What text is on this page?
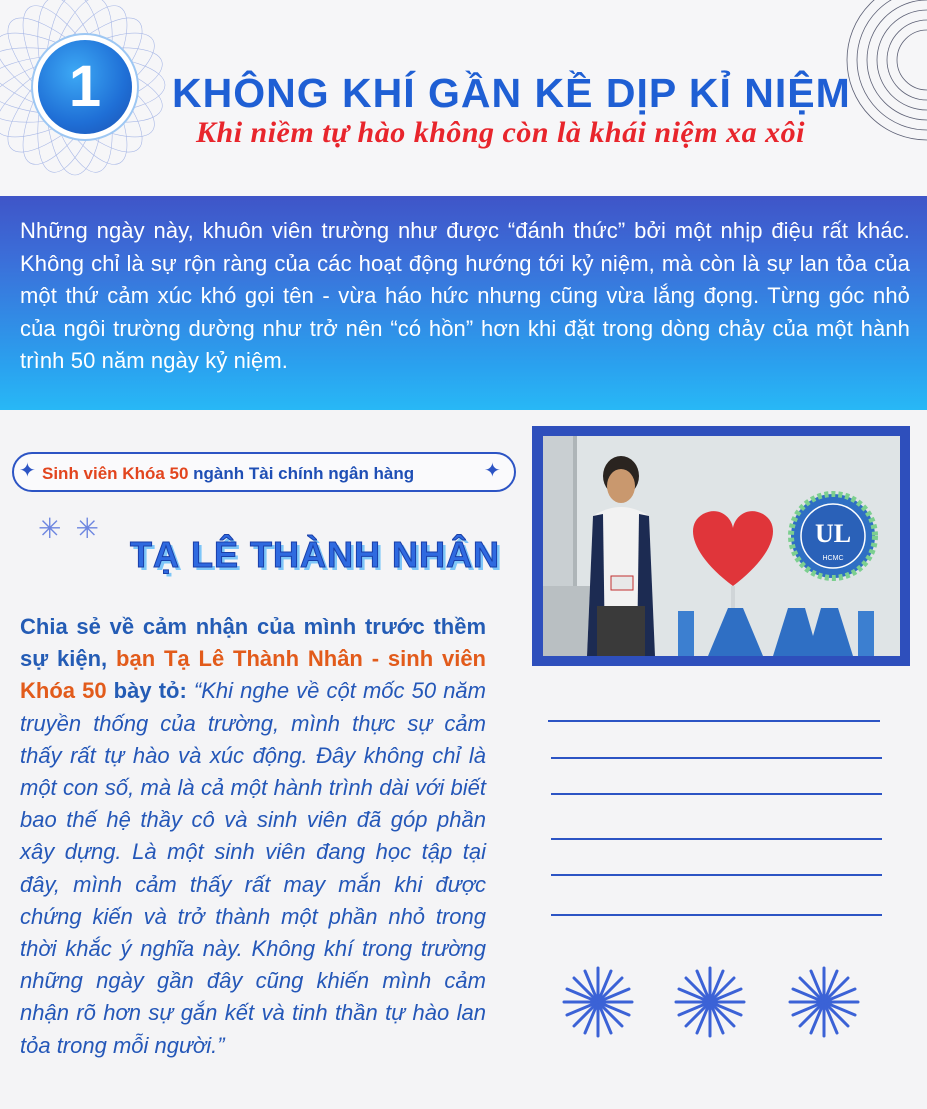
1	KHÔNG KHÍ GẦN KỀ DỊP KỈ NIỆM
Khi niềm tự hào không còn là khái niệm xa xôi
Những ngày này, khuôn viên trường như được “đánh thức” bởi một nhịp điệu rất khác. Không chỉ là sự rộn ràng của các hoạt động hướng tới kỷ niệm, mà còn là sự lan tỏa của một thứ cảm xúc khó gọi tên - vừa háo hức nhưng cũng vừa lắng đọng. Từng góc nhỏ của ngôi trường dường như trở nên “có hồn” hơn khi đặt trong dòng chảy của một hành trình 50 năm ngày kỷ niệm.
✦ Sinh viên Khóa 50 ngành Tài chính ngân hàng	✦
✳✳
TẠ LÊ THÀNH NHÂN
Chia sẻ về cảm nhận của mình trước thềm sự kiện, bạn Tạ Lê Thành Nhân - sinh viên Khóa 50 bày tỏ: “Khi nghe về cột mốc 50 năm truyền thống của trường, mình thực sự cảm thấy rất tự hào và xúc động. Đây không chỉ là một con số, mà là cả một hành trình dài với biết bao thế hệ thầy cô và sinh viên đã góp phần xây dựng. Là một sinh viên đang học tập tại đây, mình cảm thấy rất may mắn khi được chứng kiến và trở thành một phần nhỏ trong thời khắc ý nghĩa này. Không khí trong trường những ngày gần đây cũng khiến mình cảm nhận rõ hơn sự gắn kết và tinh thần tự hào lan tỏa trong mỗi người.”
UL
HCMC
